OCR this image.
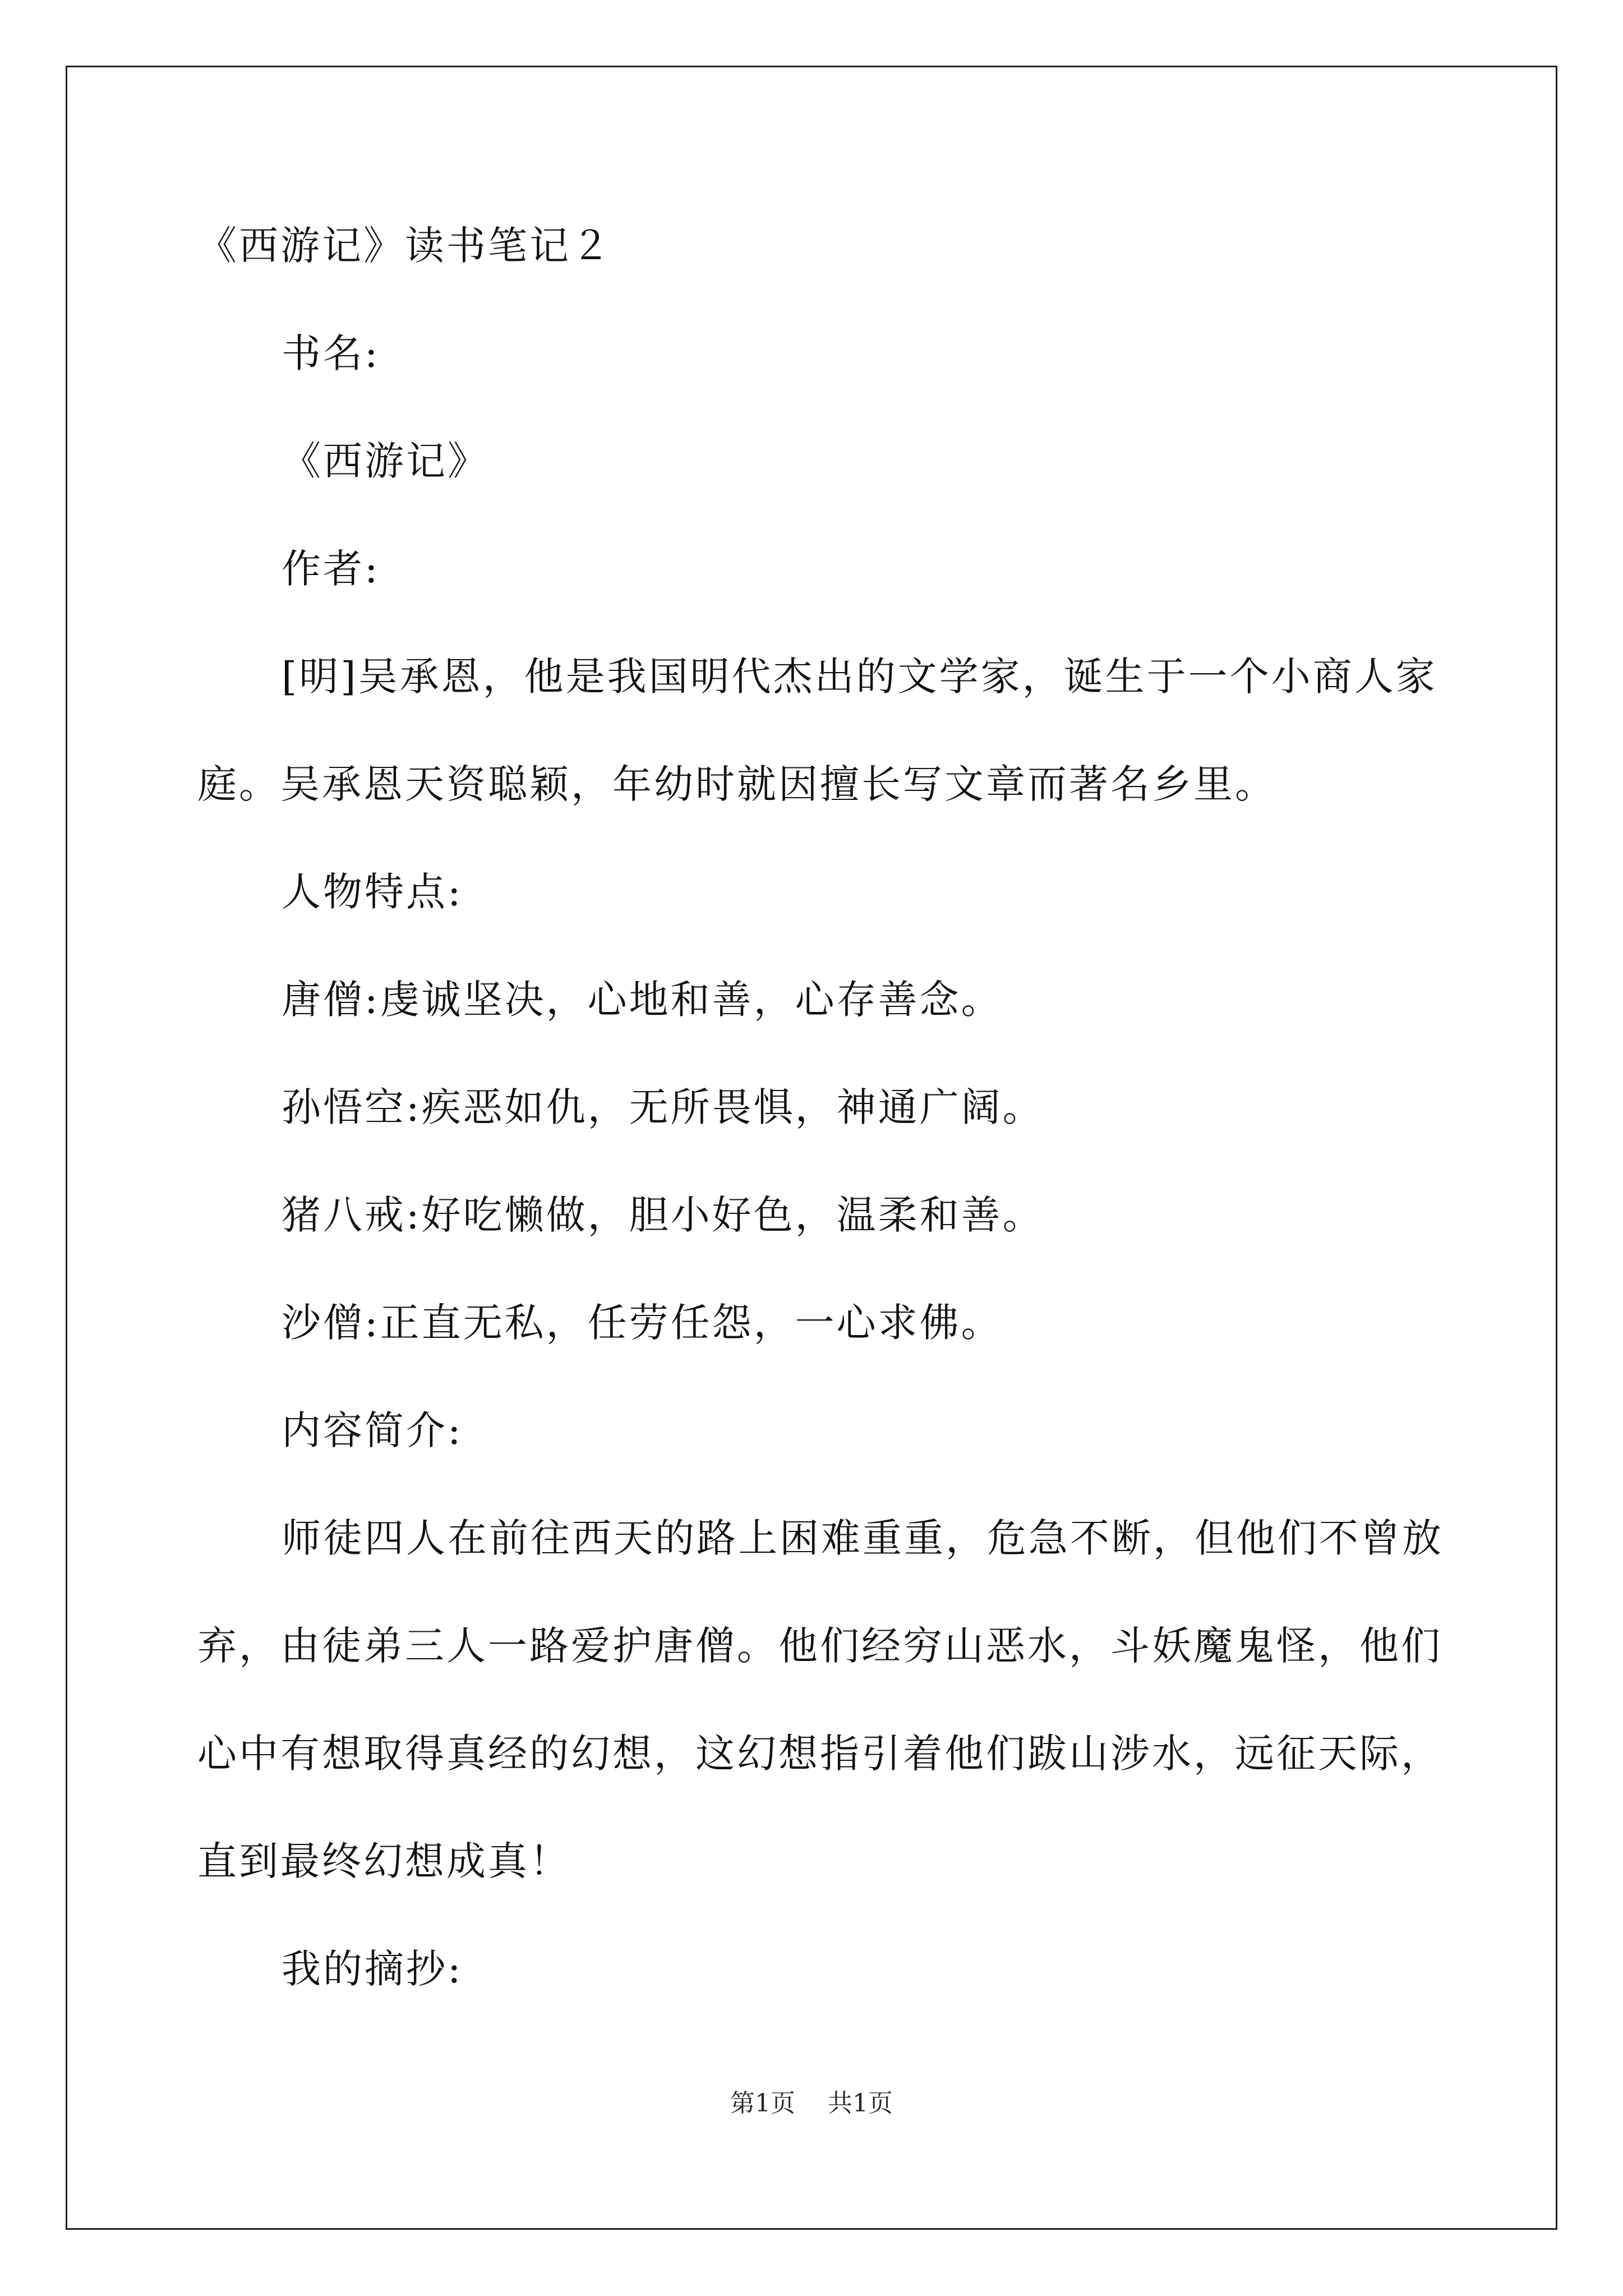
《西游记》读书笔记２
书名:
《西游记》
作者:
[明]吴承恩，他是我国明代杰出的文学家，诞生于一个小商人家
庭。吴承恩天资聪颖，年幼时就因擅长写文章而著名乡里。
人物特点:
唐僧:虔诚坚决，心地和善，心存善念。
孙悟空:疾恶如仇，无所畏惧，神通广阔。
猪八戒:好吃懒做，胆小好色，温柔和善。
沙僧:正直无私，任劳任怨，一心求佛。
内容简介:
师徒四人在前往西天的路上困难重重，危急不断，但他们不曾放
弃，由徒弟三人一路爱护唐僧。他们经穷山恶水，斗妖魔鬼怪，他们
心中有想取得真经的幻想，这幻想指引着他们跋山涉水，远征天际，
直到最终幻想成真！
我的摘抄:
第1页 共1页
